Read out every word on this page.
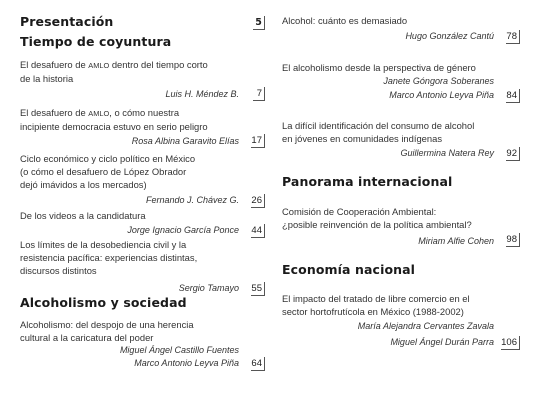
Presentación	5
Tiempo de coyuntura
El desafuero de AMLO dentro del tiempo corto
de la historia
Luis H. Méndez B.	7
El desafuero de AMLO, o cómo nuestra
incipiente democracia estuvo en serio peligro
Rosa Albina Garavito Elías	17
Ciclo económico y ciclo político en México
(o cómo el desafuero de López Obrador
dejó imávidos a los mercados)
Fernando J. Chávez G.	26
De los videos a la candidatura
Jorge Ignacio García Ponce	44
Los límites de la desobediencia civil y la
resistencia pacífica: experiencias distintas,
discursos distintos
Sergio Tamayo	55
Alcoholismo y sociedad
Alcoholismo: del despojo de una herencia
cultural a la caricatura del poder
Miguel Ángel Castillo Fuentes
Marco Antonio Leyva Piña	64
Alcohol: cuánto es demasiado
Hugo González Cantú	78
El alcoholismo desde la perspectiva de género
Janete Góngora Soberanes
Marco Antonio Leyva Piña	84
La difícil identificación del consumo de alcohol
en jóvenes en comunidades indígenas
Guillermina Natera Rey	92
Panorama internacional
Comisión de Cooperación Ambiental:
¿posible reinvención de la política ambiental?
Miriam Alfie Cohen	98
Economía nacional
El impacto del tratado de libre comercio en el
sector hortofrutícola en México (1988-2002)
María Alejandra Cervantes Zavala
Miguel Ángel Durán Parra 106
